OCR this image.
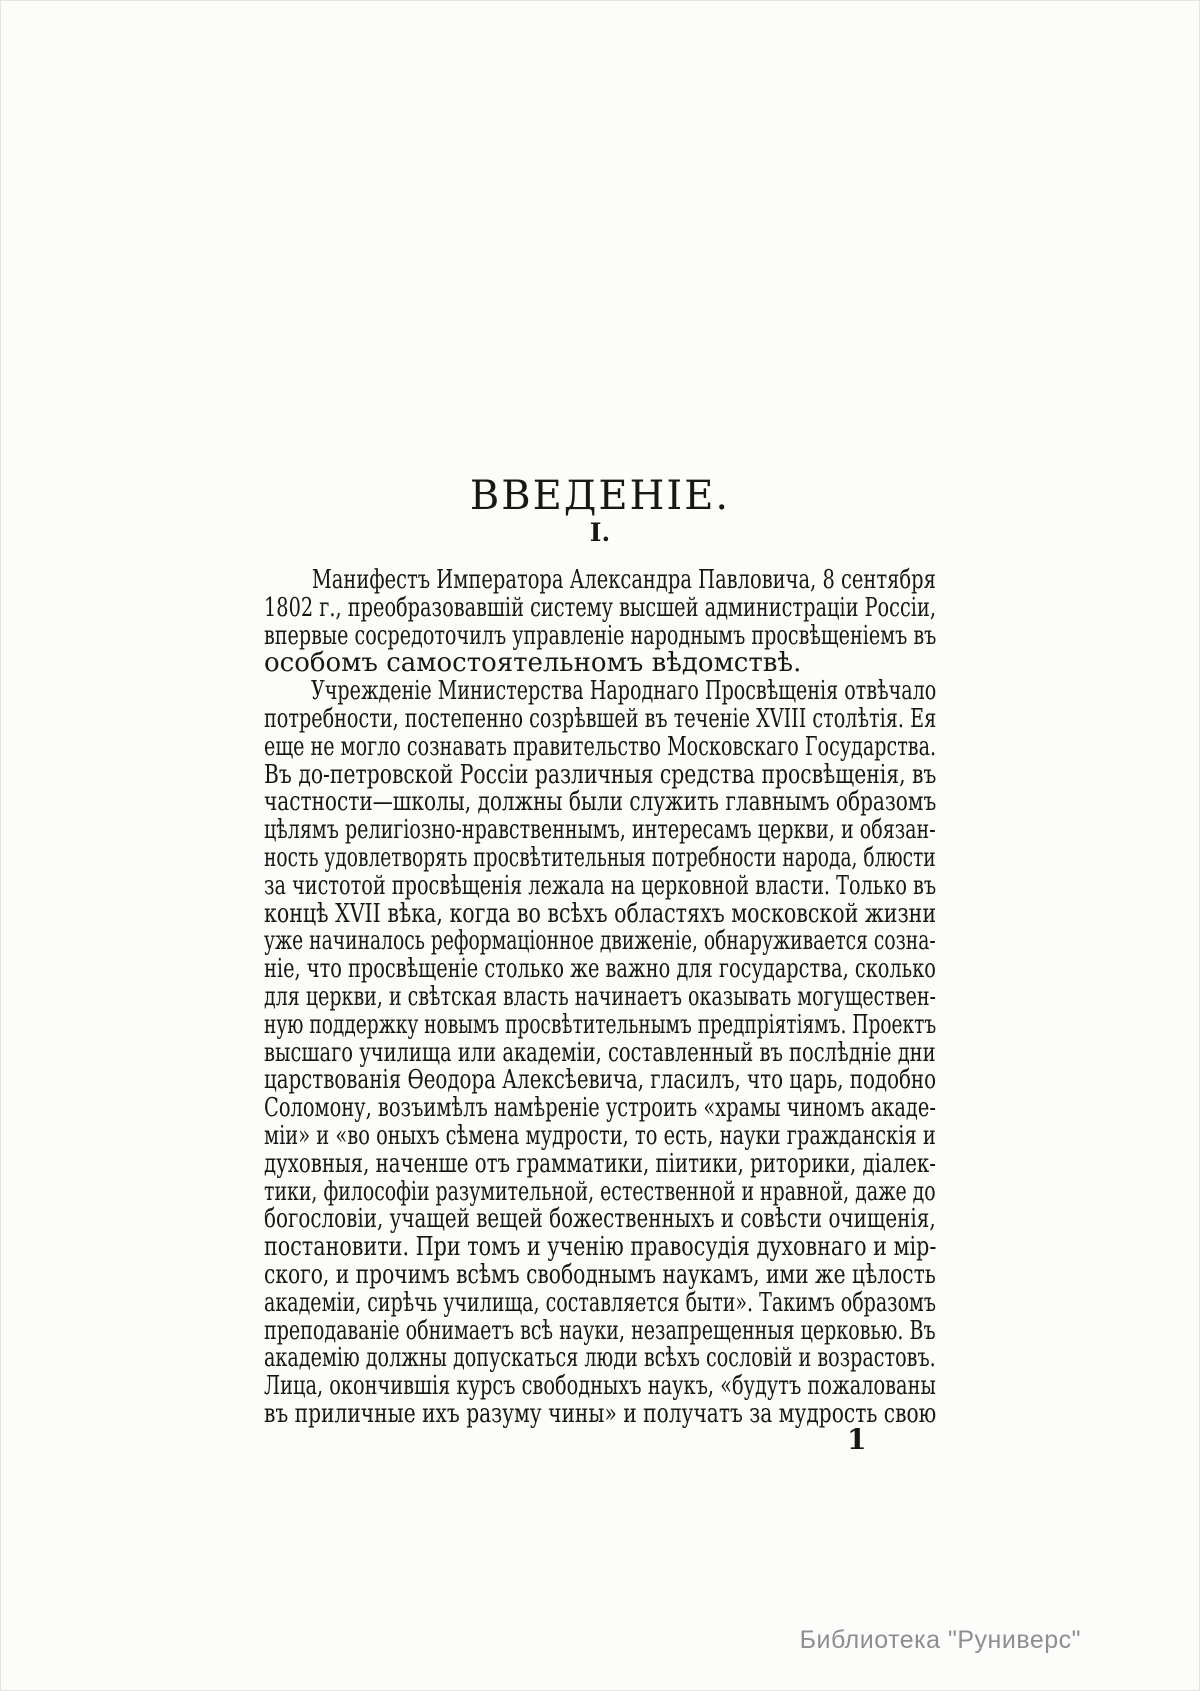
ВВЕДЕНІЕ.
I.
Манифестъ Императора Александра Павловича, 8 сентября
1802 г., преобразовавшій систему высшей администраціи Россіи,
впервые сосредоточилъ управленіе народнымъ просвѣщеніемъ въ
особомъ самостоятельномъ вѣдомствѣ.
Учрежденіе Министерства Народнаго Просвѣщенія отвѣчало
потребности, постепенно созрѣвшей въ теченіе XVIII столѣтія. Ея
еще не могло сознавать правительство Московскаго Государства.
Въ до-петровской Россіи различныя средства просвѣщенія, въ
частности—школы, должны были служить главнымъ образомъ
цѣлямъ религіозно-нравственнымъ, интересамъ церкви, и обязан-
ность удовлетворять просвѣтительныя потребности народа, блюсти
за чистотой просвѣщенія лежала на церковной власти. Только въ
концѣ XVII вѣка, когда во всѣхъ областяхъ московской жизни
уже начиналось реформаціонное движеніе, обнаруживается созна-
ніе, что просвѣщеніе столько же важно для государства, сколько
для церкви, и свѣтская власть начинаетъ оказывать могуществен-
ную поддержку новымъ просвѣтительнымъ предпріятіямъ. Проектъ
высшаго училища или академіи, составленный въ послѣдніе дни
царствованія Ѳеодора Алексѣевича, гласилъ, что царь, подобно
Соломону, возъимѣлъ намѣреніе устроить «храмы чиномъ акаде-
міи» и «во оныхъ сѣмена мудрости, то есть, науки гражданскія и
духовныя, наченше отъ грамматики, піитики, риторики, діалек-
тики, философіи разумительной, естественной и нравной, даже до
богословіи, учащей вещей божественныхъ и совѣсти очищенія,
постановити. При томъ и ученію правосудія духовнаго и мір-
ского, и прочимъ всѣмъ свободнымъ наукамъ, ими же цѣлость
академіи, сирѣчь училища, составляется быти». Такимъ образомъ
преподаваніе обнимаетъ всѣ науки, незапрещенныя церковью. Въ
академію должны допускаться люди всѣхъ сословій и возрастовъ.
Лица, окончившія курсъ свободныхъ наукъ, «будутъ пожалованы
въ приличные ихъ разуму чины» и получатъ за мудрость свою
1
Библиотека "Руниверс"
